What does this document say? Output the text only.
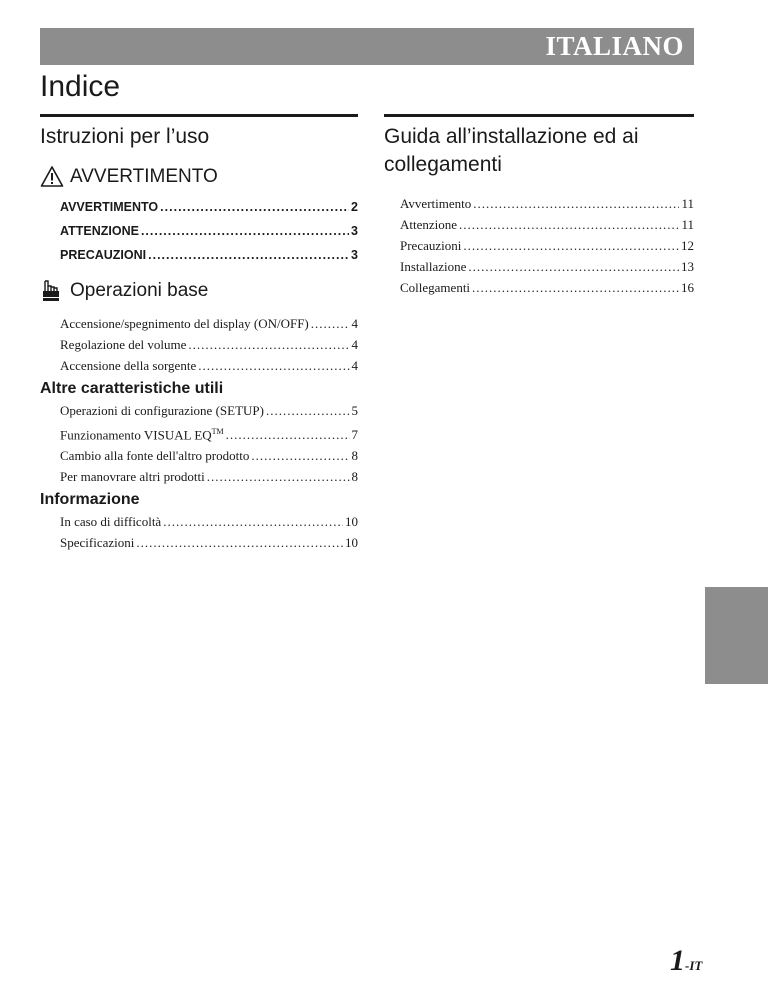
ITALIANO
Indice
Istruzioni per l’uso
AVVERTIMENTO
AVVERTIMENTO .....	2
ATTENZIONE .....	3
PRECAUZIONI .....	3
Operazioni base
Accensione/spegnimento del display (ON/OFF) .....	4
Regolazione del volume .....	4
Accensione della sorgente .....	4
Altre caratteristiche utili
Operazioni di configurazione (SETUP) .....	5
Funzionamento VISUAL EQ™ .....	7
Cambio alla fonte dell'altro prodotto .....	8
Per manovrare altri prodotti .....	8
Informazione
In caso di difficoltà .....	10
Specificazioni .....	10
Guida all’installazione ed ai collegamenti
Avvertimento .....	11
Attenzione .....	11
Precauzioni .....	12
Installazione .....	13
Collegamenti .....	16
1-IT
